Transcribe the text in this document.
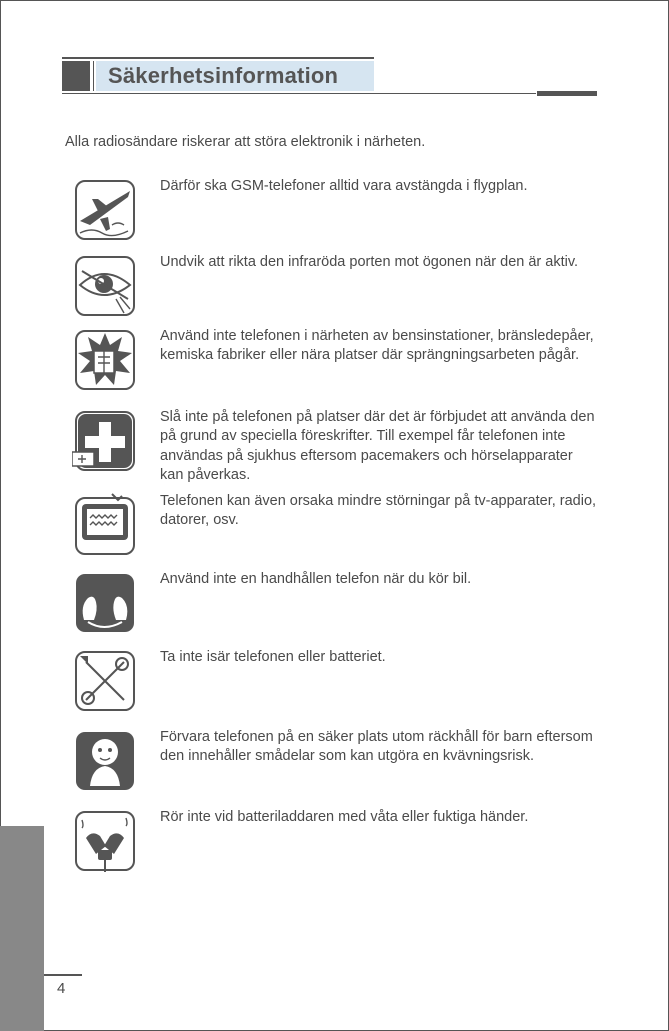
Säkerhetsinformation
Alla radiosändare riskerar att störa elektronik i närheten.
Därför ska GSM-telefoner alltid vara avstängda i flygplan.
Undvik att rikta den infraröda porten mot ögonen när den är aktiv.
Använd inte telefonen i närheten av bensinstationer, bränsledepåer, kemiska fabriker eller nära platser där sprängningsarbeten pågår.
Slå inte på telefonen på platser där det är förbjudet att använda den på grund av speciella föreskrifter. Till exempel får telefonen inte användas på sjukhus eftersom pacemakers och hörselapparater kan påverkas.
Telefonen kan även orsaka mindre störningar på tv-apparater, radio, datorer, osv.
Använd inte en handhållen telefon när du kör bil.
Ta inte isär telefonen eller batteriet.
Förvara telefonen på en säker plats utom räckhåll för barn eftersom den innehåller smådelar som kan utgöra en kvävningsrisk.
Rör inte vid batteriladdaren med våta eller fuktiga händer.
4
